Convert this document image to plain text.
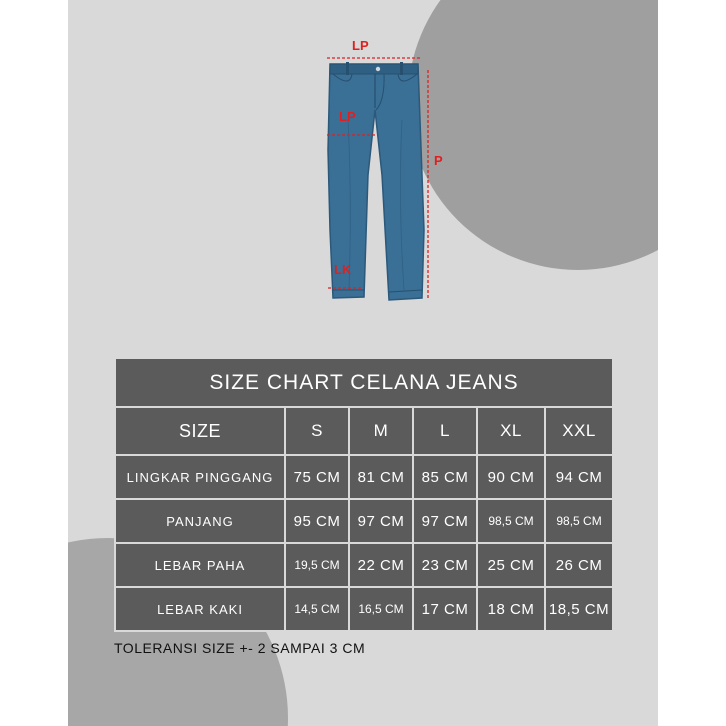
LP
LP
P
LK
SIZE CHART CELANA JEANS					
SIZE	S	M	L	XL	XXL
LINGKAR PINGGANG	75 CM	81 CM	85 CM	90 CM	94 CM
PANJANG	95 CM	97 CM	97 CM	98,5 CM	98,5 CM
LEBAR PAHA	19,5 CM	22 CM	23 CM	25 CM	26 CM
LEBAR KAKI	14,5 CM	16,5 CM	17 CM	18 CM	18,5 CM
TOLERANSI SIZE +- 2 SAMPAI 3 CM
